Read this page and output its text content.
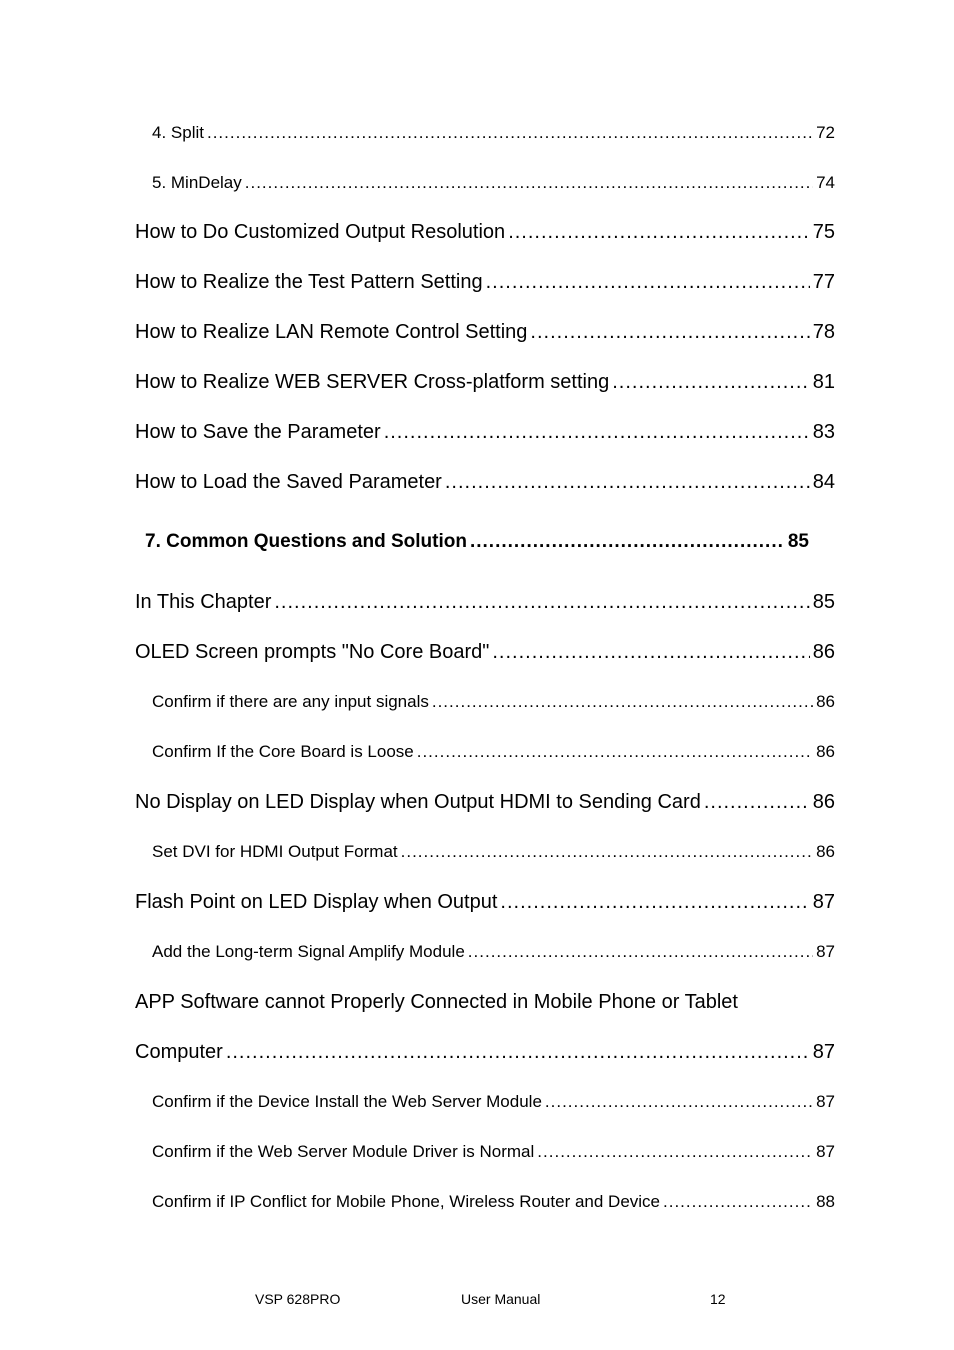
4. Split .....	72
5. MinDelay .....	74
How to Do Customized Output Resolution .....	75
How to Realize the Test Pattern Setting .....	77
How to Realize LAN Remote Control Setting .....	78
How to Realize WEB SERVER Cross-platform setting .....	81
How to Save the Parameter .....	83
How to Load the Saved Parameter .....	84
7. Common Questions and Solution .....	85
In This Chapter .....	85
OLED Screen prompts "No Core Board" .....	86
Confirm if there are any input signals .....	86
Confirm If the Core Board is Loose .....	86
No Display on LED Display when Output HDMI to Sending Card .....	86
Set DVI for HDMI Output Format .....	86
Flash Point on LED Display when Output .....	87
Add the Long-term Signal Amplify Module .....	87
APP Software cannot Properly Connected in Mobile Phone or Tablet
Computer .....	87
Confirm if the Device Install the Web Server Module .....	87
Confirm if the Web Server Module Driver is Normal .....	87
Confirm if IP Conflict for Mobile Phone, Wireless Router and Device .....	88
VSP 628PRO	User Manual	12
